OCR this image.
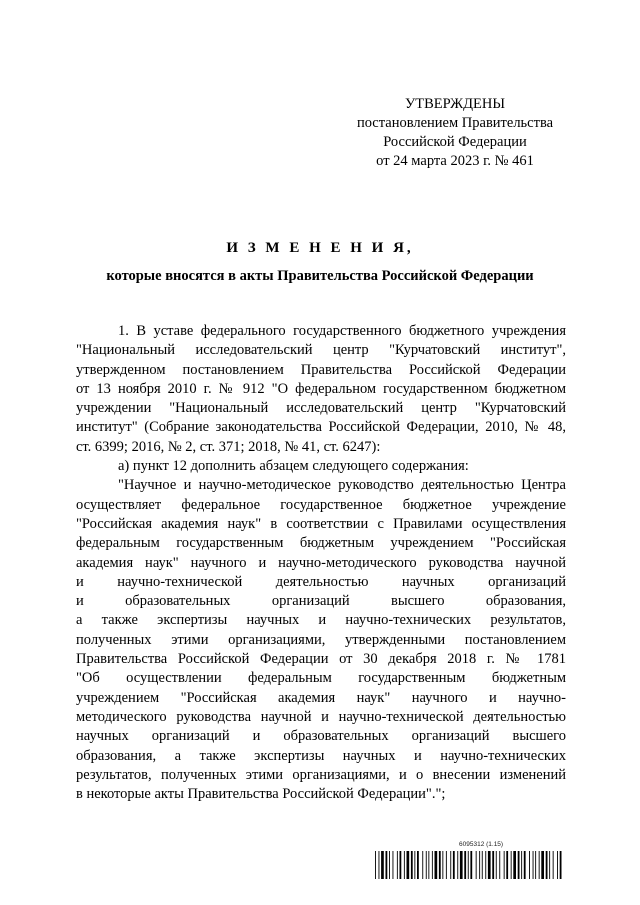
УТВЕРЖДЕНЫ
постановлением Правительства
Российской Федерации
от 24 марта 2023 г. № 461
И З М Е Н Е Н И Я,
которые вносятся в акты Правительства Российской Федерации
1. В уставе федерального государственного бюджетного учреждения
"Национальный исследовательский центр "Курчатовский институт",
утвержденном постановлением Правительства Российской Федерации
от 13 ноября 2010 г. № 912 "О федеральном государственном бюджетном
учреждении "Национальный исследовательский центр "Курчатовский
институт" (Собрание законодательства Российской Федерации, 2010, № 48,
ст. 6399; 2016, № 2, ст. 371; 2018, № 41, ст. 6247):
а) пункт 12 дополнить абзацем следующего содержания:
"Научное и научно-методическое руководство деятельностью Центра
осуществляет федеральное государственное бюджетное учреждение
"Российская академия наук" в соответствии с Правилами осуществления
федеральным государственным бюджетным учреждением "Российская
академия наук" научного и научно-методического руководства научной
и научно-технической деятельностью научных организаций
и образовательных организаций высшего образования,
а также экспертизы научных и научно-технических результатов,
полученных этими организациями, утвержденными постановлением
Правительства Российской Федерации от 30 декабря 2018 г. № 1781
"Об осуществлении федеральным государственным бюджетным
учреждением "Российская академия наук" научного и научно-
методического руководства научной и научно-технической деятельностью
научных организаций и образовательных организаций высшего
образования, а также экспертизы научных и научно-технических
результатов, полученных этими организациями, и о внесении изменений
в некоторые акты Правительства Российской Федерации".";
6095312 (1.15)
